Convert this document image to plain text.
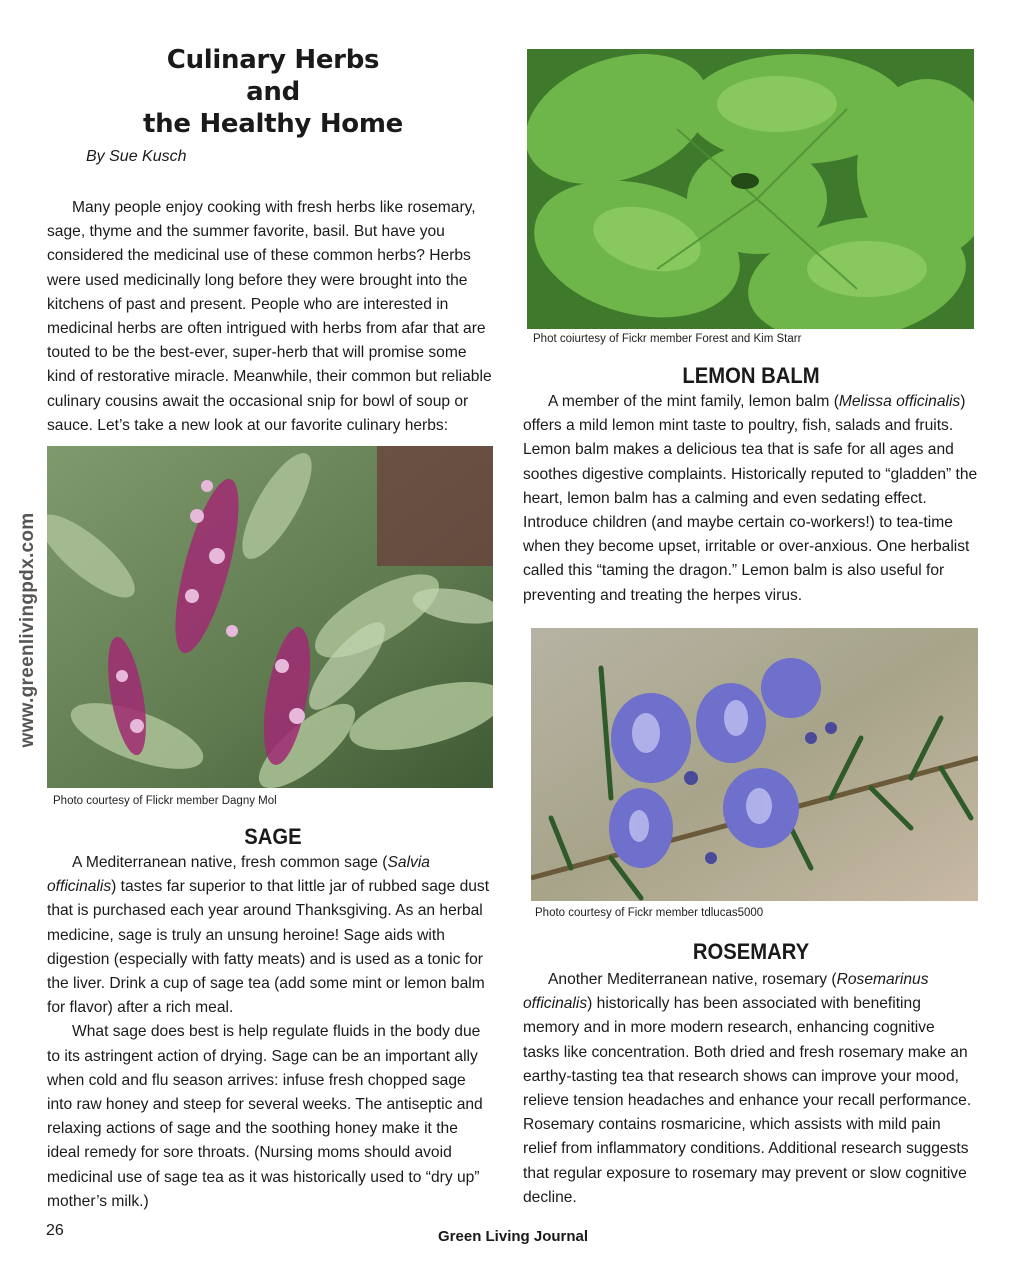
Culinary Herbs
and
the Healthy Home
By Sue Kusch

Many people enjoy cooking with fresh herbs like rosemary, sage, thyme and the summer favorite, basil. But have you considered the medicinal use of these common herbs? Herbs were used medicinally long before they were brought into the kitchens of past and present. People who are interested in medicinal herbs are often intrigued with herbs from afar that are touted to be the best-ever, super-herb that will promise some kind of restorative miracle. Meanwhile, their common but reliable culinary cousins await the occasional snip for bowl of soup or sauce. Let’s take a new look at our favorite culinary herbs:

www.greenlivingpdx.com
Photo courtesy of Flickr member Dagny Mol
SAGE

A Mediterranean native, fresh common sage (Salvia officinalis) tastes far superior to that little jar of rubbed sage dust that is purchased each year around Thanksgiving. As an herbal medicine, sage is truly an unsung heroine! Sage aids with digestion (especially with fatty meats) and is used as a tonic for the liver. Drink a cup of sage tea (add some mint or lemon balm for flavor) after a rich meal.

What sage does best is help regulate fluids in the body due to its astringent action of drying. Sage can be an important ally when cold and flu season arrives: infuse fresh chopped sage into raw honey and steep for several weeks. The antiseptic and relaxing actions of sage and the soothing honey make it the ideal remedy for sore throats. (Nursing moms should avoid medicinal use of sage tea as it was historically used to “dry up” mother’s milk.)

Phot coiurtesy of Fickr member Forest and Kim Starr
LEMON BALM

A member of the mint family, lemon balm (Melissa officinalis) offers a mild lemon mint taste to poultry, fish, salads and fruits. Lemon balm makes a delicious tea that is safe for all ages and soothes digestive complaints. Historically reputed to “gladden” the heart, lemon balm has a calming and even sedating effect. Introduce children (and maybe certain co-workers!) to tea-time when they become upset, irritable or over-anxious. One herbalist called this “taming the dragon.” Lemon balm is also useful for preventing and treating the herpes virus.

Photo courtesy of Fickr member tdlucas5000
ROSEMARY

Another Mediterranean native, rosemary (Rosemarinus officinalis) historically has been associated with benefiting memory and in more modern research, enhancing cognitive tasks like concentration. Both dried and fresh rosemary make an earthy-tasting tea that research shows can improve your mood, relieve tension headaches and enhance your recall performance. Rosemary contains rosmaricine, which assists with mild pain relief from inflammatory conditions. Additional research suggests that regular exposure to rosemary may prevent or slow cognitive decline.

26	Green Living Journal
